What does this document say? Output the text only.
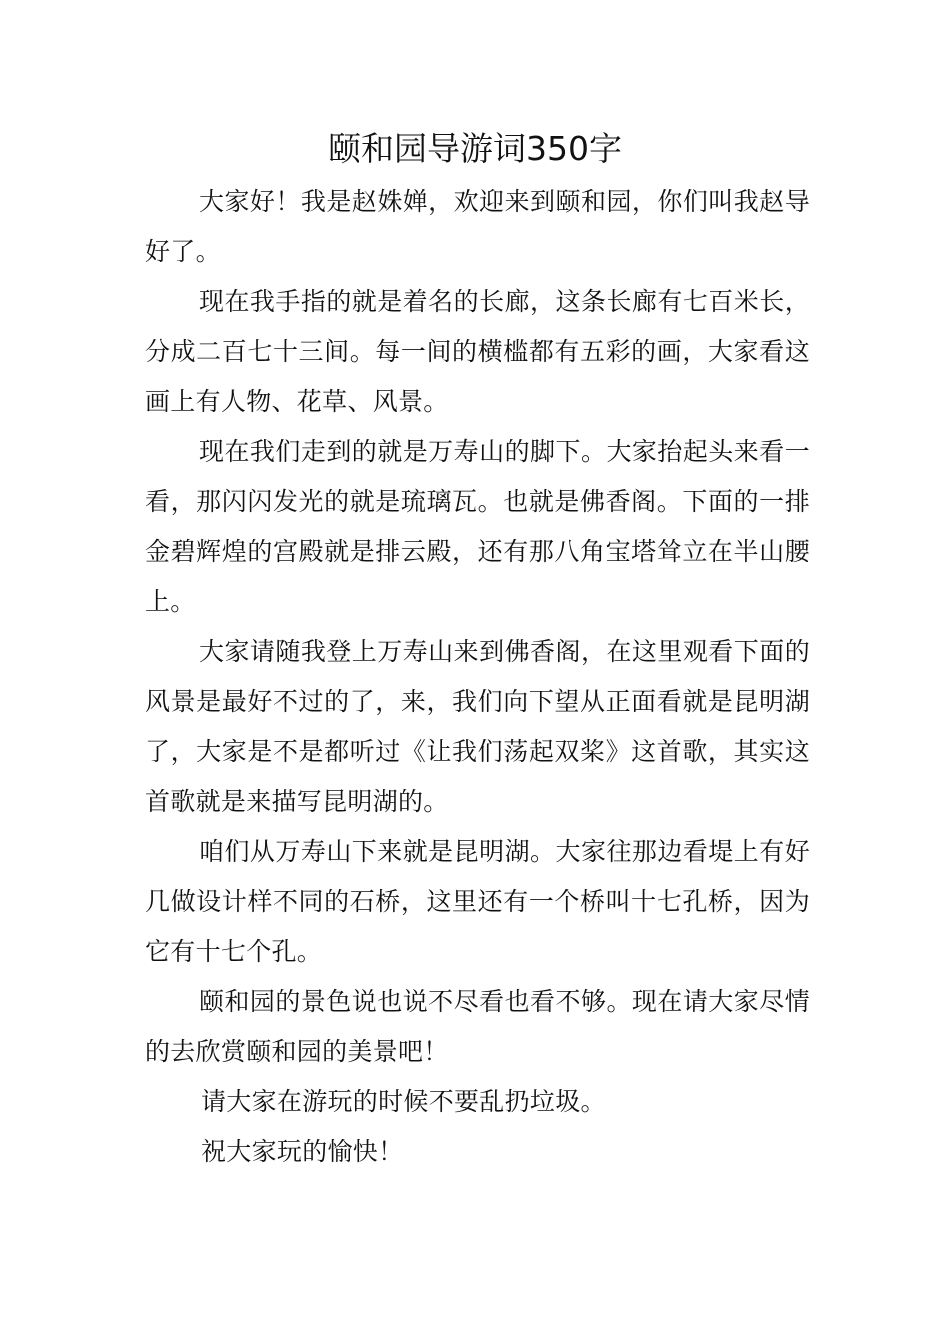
颐和园导游词350字

大家好！我是赵姝婵，欢迎来到颐和园，你们叫我赵导好了。

现在我手指的就是着名的长廊，这条长廊有七百米长，分成二百七十三间。每一间的横槛都有五彩的画，大家看这画上有人物、花草、风景。

现在我们走到的就是万寿山的脚下。大家抬起头来看一看，那闪闪发光的就是琉璃瓦。也就是佛香阁。下面的一排金碧辉煌的宫殿就是排云殿，还有那八角宝塔耸立在半山腰上。

大家请随我登上万寿山来到佛香阁，在这里观看下面的风景是最好不过的了，来，我们向下望从正面看就是昆明湖了，大家是不是都听过《让我们荡起双桨》这首歌，其实这首歌就是来描写昆明湖的。

咱们从万寿山下来就是昆明湖。大家往那边看堤上有好几做设计样不同的石桥，这里还有一个桥叫十七孔桥，因为它有十七个孔。

颐和园的景色说也说不尽看也看不够。现在请大家尽情的去欣赏颐和园的美景吧！

请大家在游玩的时候不要乱扔垃圾。

祝大家玩的愉快！
